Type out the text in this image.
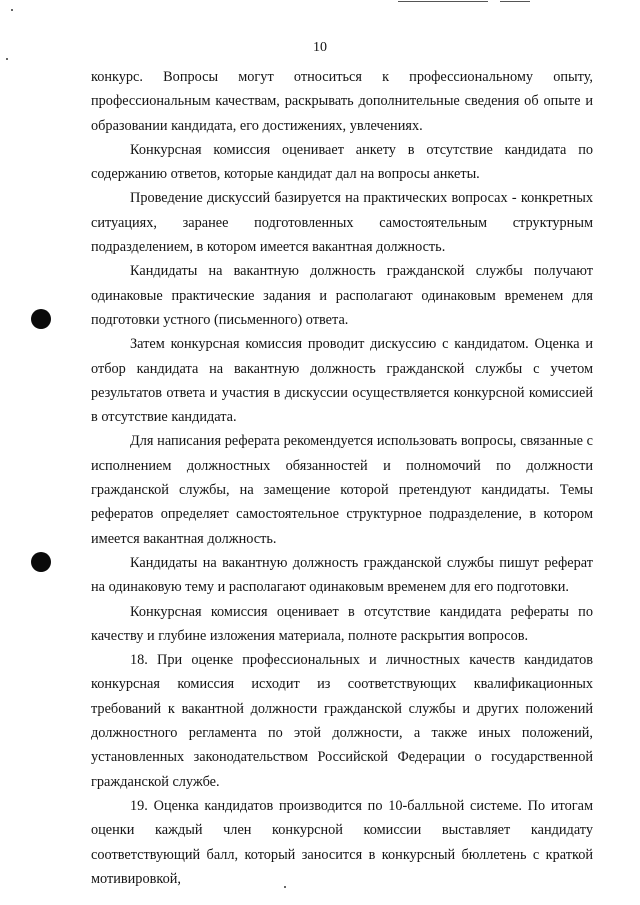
10

конкурс. Вопросы могут относиться к профессиональному опыту, профессиональным качествам, раскрывать дополнительные сведения об опыте и образовании кандидата, его достижениях, увлечениях.

Конкурсная комиссия оценивает анкету в отсутствие кандидата по содержанию ответов, которые кандидат дал на вопросы анкеты.

Проведение дискуссий базируется на практических вопросах - конкретных ситуациях, заранее подготовленных самостоятельным структурным подразделением, в котором имеется вакантная должность.

Кандидаты на вакантную должность гражданской службы получают одинаковые практические задания и располагают одинаковым временем для подготовки устного (письменного) ответа.

Затем конкурсная комиссия проводит дискуссию с кандидатом. Оценка и отбор кандидата на вакантную должность гражданской службы с учетом результатов ответа и участия в дискуссии осуществляется конкурсной комиссией в отсутствие кандидата.

Для написания реферата рекомендуется использовать вопросы, связанные с исполнением должностных обязанностей и полномочий по должности гражданской службы, на замещение которой претендуют кандидаты. Темы рефератов определяет самостоятельное структурное подразделение, в котором имеется вакантная должность.

Кандидаты на вакантную должность гражданской службы пишут реферат на одинаковую тему и располагают одинаковым временем для его подготовки.

Конкурсная комиссия оценивает в отсутствие кандидата рефераты по качеству и глубине изложения материала, полноте раскрытия вопросов.

18. При оценке профессиональных и личностных качеств кандидатов конкурсная комиссия исходит из соответствующих квалификационных требований к вакантной должности гражданской службы и других положений должностного регламента по этой должности, а также иных положений, установленных законодательством Российской Федерации о государственной гражданской службе.

19. Оценка кандидатов производится по 10-балльной системе. По итогам оценки каждый член конкурсной комиссии выставляет кандидату соответствующий балл, который заносится в конкурсный бюллетень с краткой мотивировкой,
